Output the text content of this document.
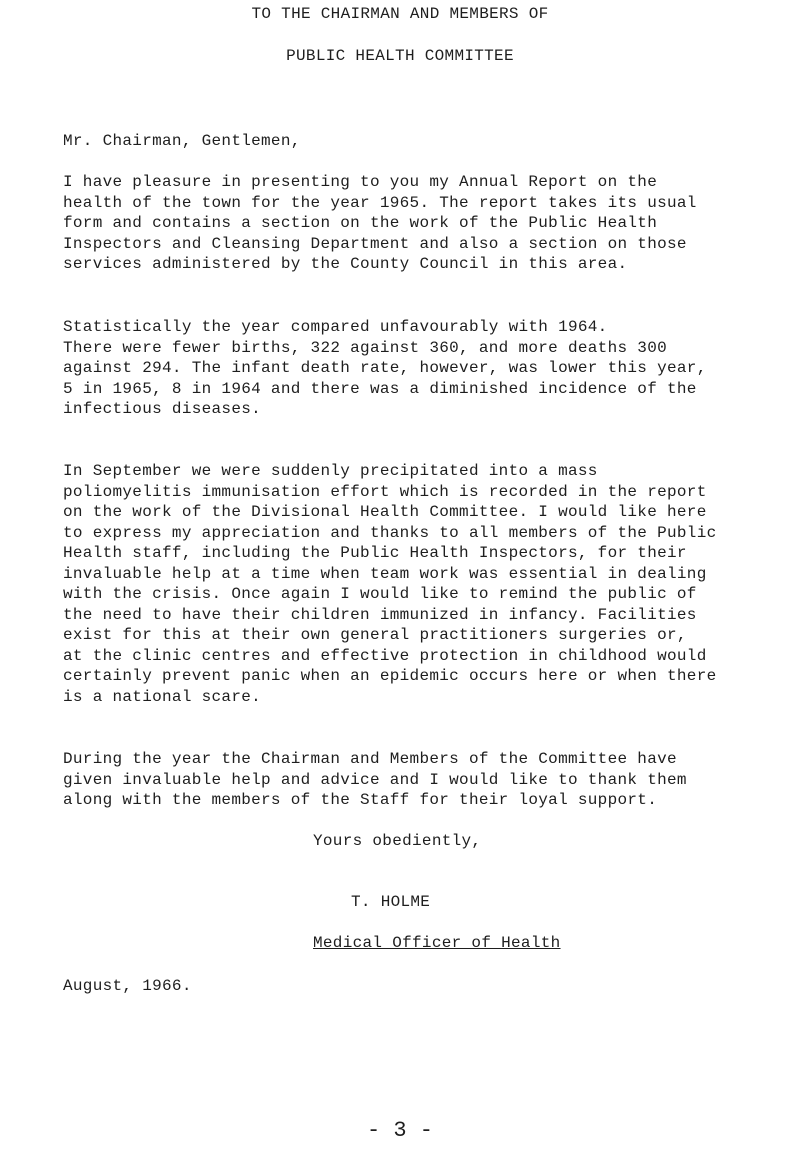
TO THE CHAIRMAN AND MEMBERS OF
PUBLIC HEALTH COMMITTEE
Mr. Chairman, Gentlemen,
I have pleasure in presenting to you my Annual Report on the
health of the town for the year 1965. The report takes its usual
form and contains a section on the work of the Public Health
Inspectors and Cleansing Department and also a section on those
services administered by the County Council in this area.
Statistically the year compared unfavourably with 1964.
There were fewer births, 322 against 360, and more deaths 300
against 294. The infant death rate, however, was lower this year,
5 in 1965, 8 in 1964 and there was a diminished incidence of the
infectious diseases.
In September we were suddenly precipitated into a mass
poliomyelitis immunisation effort which is recorded in the report
on the work of the Divisional Health Committee. I would like here
to express my appreciation and thanks to all members of the Public
Health staff, including the Public Health Inspectors, for their
invaluable help at a time when team work was essential in dealing
with the crisis. Once again I would like to remind the public of
the need to have their children immunized in infancy. Facilities
exist for this at their own general practitioners surgeries or,
at the clinic centres and effective protection in childhood would
certainly prevent panic when an epidemic occurs here or when there
is a national scare.
During the year the Chairman and Members of the Committee have
given invaluable help and advice and I would like to thank them
along with the members of the Staff for their loyal support.
Yours obediently,
T. HOLME
Medical Officer of Health
August, 1966.
- 3 -
